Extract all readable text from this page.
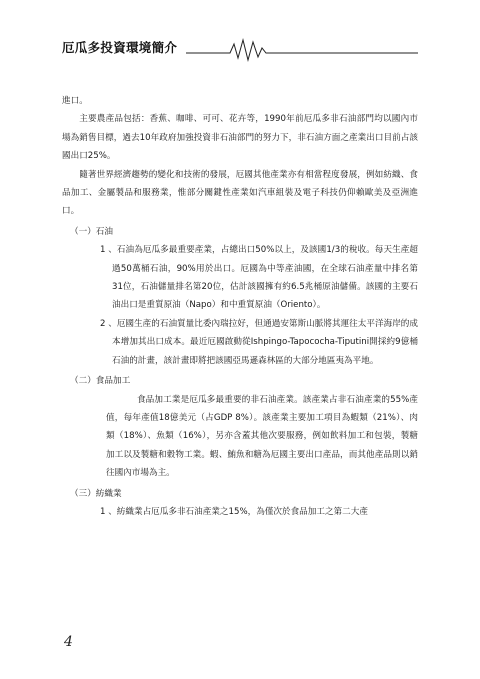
厄瓜多投資環境簡介

進口。

主要農產品包括：香蕉、咖啡、可可、花卉等，1990年前厄瓜多非石油部門均以國內市場為銷售目標，過去10年政府加強投資非石油部門的努力下，非石油方面之產業出口目前占該國出口25%。

隨著世界經濟趨勢的變化和技術的發展，厄國其他產業亦有相當程度發展，例如紡織、食品加工、金屬製品和服務業，惟部分關鍵性產業如汽車組裝及電子科技仍仰賴歐美及亞洲進口。

（一）石油

1 、石油為厄瓜多最重要產業，占總出口50%以上，及該國1/3的稅收。每天生產超過50萬桶石油，90%用於出口。厄國為中等產油國，在全球石油產量中排名第31位，石油儲量排名第20位，估計該國擁有約6.5兆桶原油儲備。該國的主要石油出口是重質原油（Napo）和中重質原油（Oriento）。

2 、厄國生產的石油質量比委內瑞拉好，但通過安第斯山脈將其運往太平洋海岸的成本增加其出口成本。最近厄國啟動從Ishpingo-Tapococha-Tiputini開採約9億桶石油的計畫，該計畫即將把該國亞馬遜森林區的大部分地區夷為平地。

（二）食品加工

食品加工業是厄瓜多最重要的非石油產業。該產業占非石油產業的55%產值，每年產值18億美元（占GDP 8%）。該產業主要加工項目為蝦類（21%）、肉類（18%）、魚類（16%），另亦含蓋其他次要服務，例如飲料加工和包裝，製糖加工以及製糖和穀物工業。蝦、鮪魚和糖為厄國主要出口產品，而其他產品則以銷往國內市場為主。

（三）紡織業

1 、紡織業占厄瓜多非石油產業之15%，為僅次於食品加工之第二大產

4
